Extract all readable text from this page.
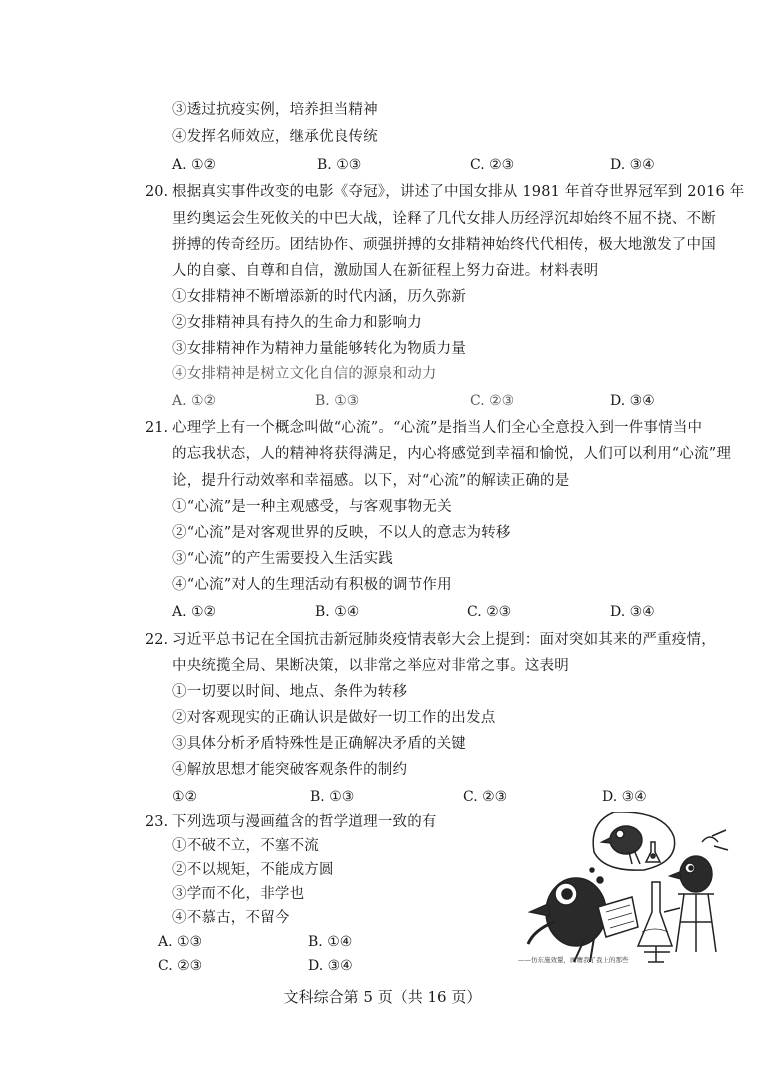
③透过抗疫实例，培养担当精神
④发挥名师效应，继承优良传统
A. ①②	B. ①③	C. ②③	D. ③④
20. 根据真实事件改变的电影《夺冠》，讲述了中国女排从 1981 年首夺世界冠军到 2016 年
里约奥运会生死攸关的中巴大战，诠释了几代女排人历经浮沉却始终不屈不挠、不断
拼搏的传奇经历。团结协作、顽强拼搏的女排精神始终代代相传，极大地激发了中国
人的自豪、自尊和自信，激励国人在新征程上努力奋进。材料表明
①女排精神不断增添新的时代内涵，历久弥新
②女排精神具有持久的生命力和影响力
③女排精神作为精神力量能够转化为物质力量
④女排精神是树立文化自信的源泉和动力
A. ①②	B. ①③	C. ②③	D. ③④
21. 心理学上有一个概念叫做“心流”。“心流”是指当人们全心全意投入到一件事情当中
的忘我状态，人的精神将获得满足，内心将感觉到幸福和愉悦，人们可以利用“心流”理
论，提升行动效率和幸福感。以下，对“心流”的解读正确的是
①“心流”是一种主观感受，与客观事物无关
②“心流”是对客观世界的反映，不以人的意志为转移
③“心流”的产生需要投入生活实践
④“心流”对人的生理活动有积极的调节作用
A. ①②	B. ①④	C. ②③	D. ③④
22. 习近平总书记在全国抗击新冠肺炎疫情表彰大会上提到：面对突如其来的严重疫情，
中央统揽全局、果断决策，以非常之举应对非常之事。这表明
①一切要以时间、地点、条件为转移
②对客观现实的正确认识是做好一切工作的出发点
③具体分析矛盾特殊性是正确解决矛盾的关键
④解放思想才能突破客观条件的制约
①②	B. ①③	C. ②③	D. ③④
23. 下列选项与漫画蕴含的哲学道理一致的有
①不破不立，不塞不流
②不以规矩，不能成方圆
③学而不化，非学也
④不慕古，不留今
A. ①③	B. ①④
C. ②③	D. ③④	——仿东施效颦，画鹰我了我上的那些
文科综合第 5 页（共 16 页）
